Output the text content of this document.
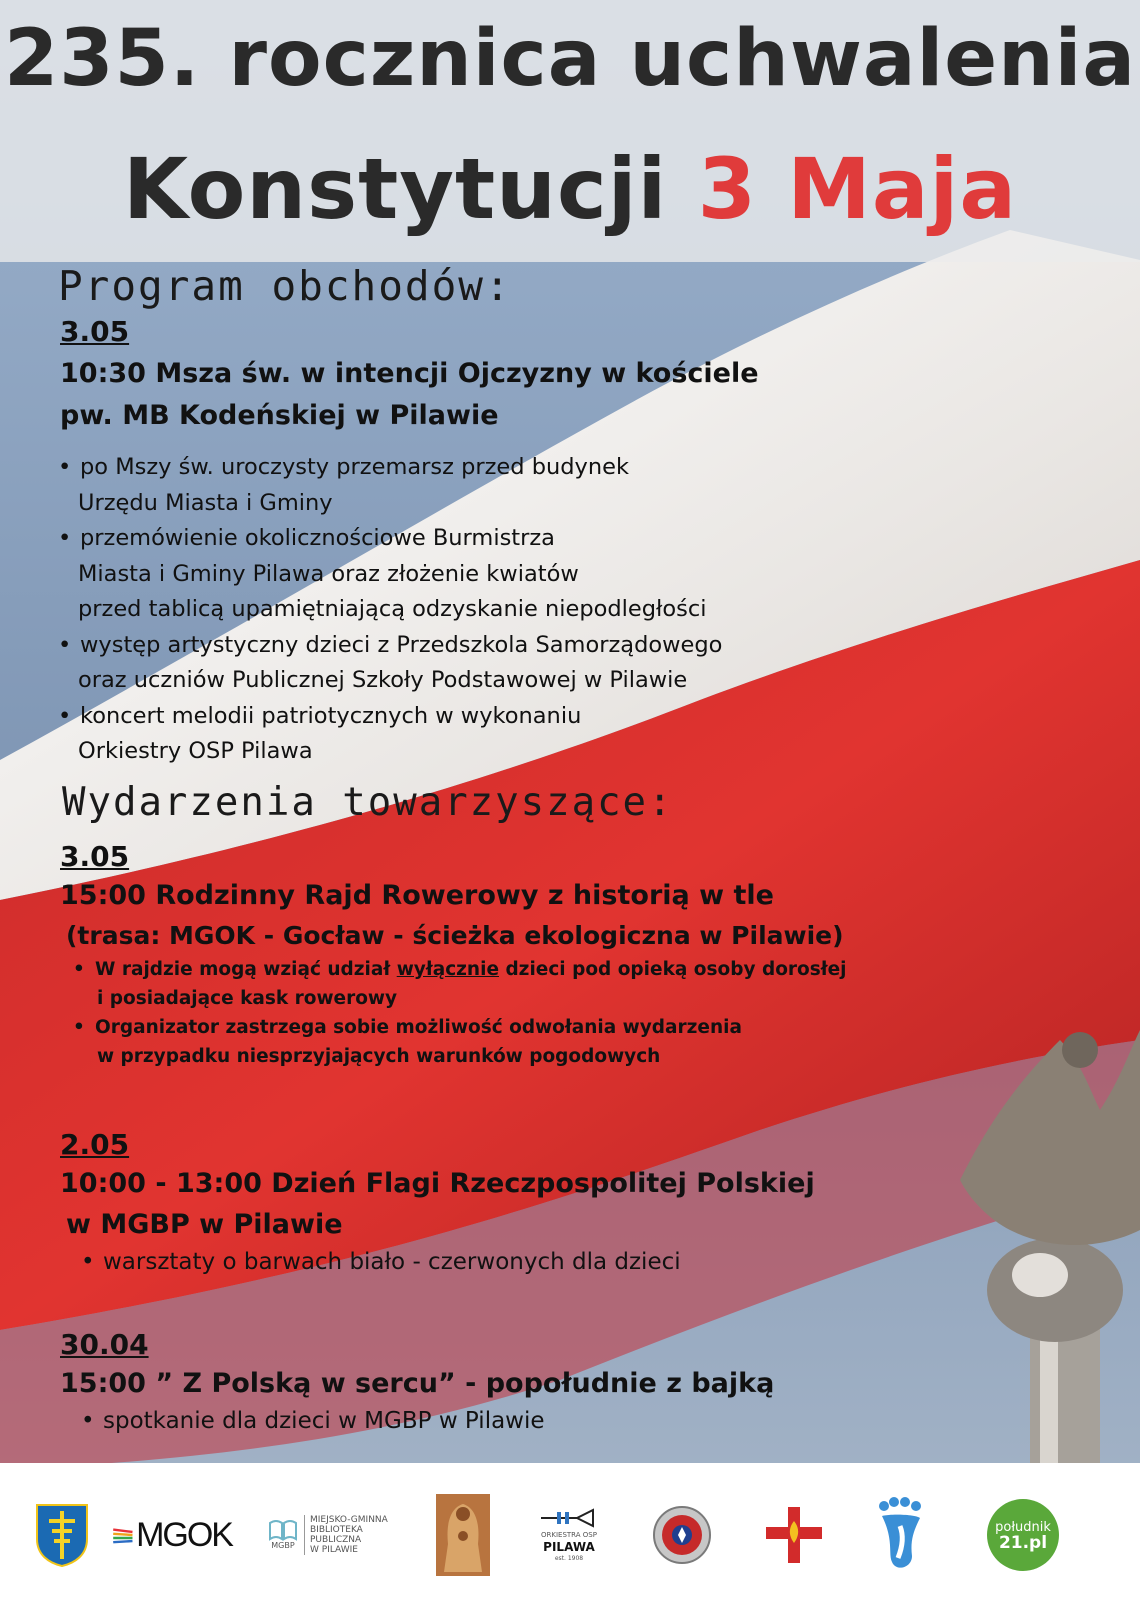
235. rocznica uchwalenia
Konstytucji 3 Maja
Program obchodów:
3.05
10:30 Msza św. w intencji Ojczyzny w kościele
pw. MB Kodeńskiej w Pilawie
• po Mszy św. uroczysty przemarsz przed budynek
Urzędu Miasta i Gminy
• przemówienie okolicznościowe Burmistrza
Miasta i Gminy Pilawa oraz złożenie kwiatów
przed tablicą upamiętniającą odzyskanie niepodległości
• występ artystyczny dzieci z Przedszkola Samorządowego
oraz uczniów Publicznej Szkoły Podstawowej w Pilawie
• koncert melodii patriotycznych w wykonaniu
Orkiestry OSP Pilawa
Wydarzenia towarzyszące:
3.05
15:00 Rodzinny Rajd Rowerowy z historią w tle
(trasa: MGOK - Gocław - ścieżka ekologiczna w Pilawie)
• W rajdzie mogą wziąć udział wyłącznie dzieci pod opieką osoby dorosłej
i posiadające kask rowerowy
• Organizator zastrzega sobie możliwość odwołania wydarzenia
w przypadku niesprzyjających warunków pogodowych
2.05
10:00 - 13:00 Dzień Flagi Rzeczpospolitej Polskiej
w MGBP w Pilawie
• warsztaty o barwach biało - czerwonych dla dzieci
30.04
15:00 ” Z Polską w sercu” - popołudnie z bajką
• spotkanie dla dzieci w MGBP w Pilawie
MGOK	MGBP
MIEJSKO-GMINNA
BIBLIOTEKA PUBLICZNA
W PILAWIE
ORKIESTRA OSP
PILAWA
est. 1908
południk
21.pl
